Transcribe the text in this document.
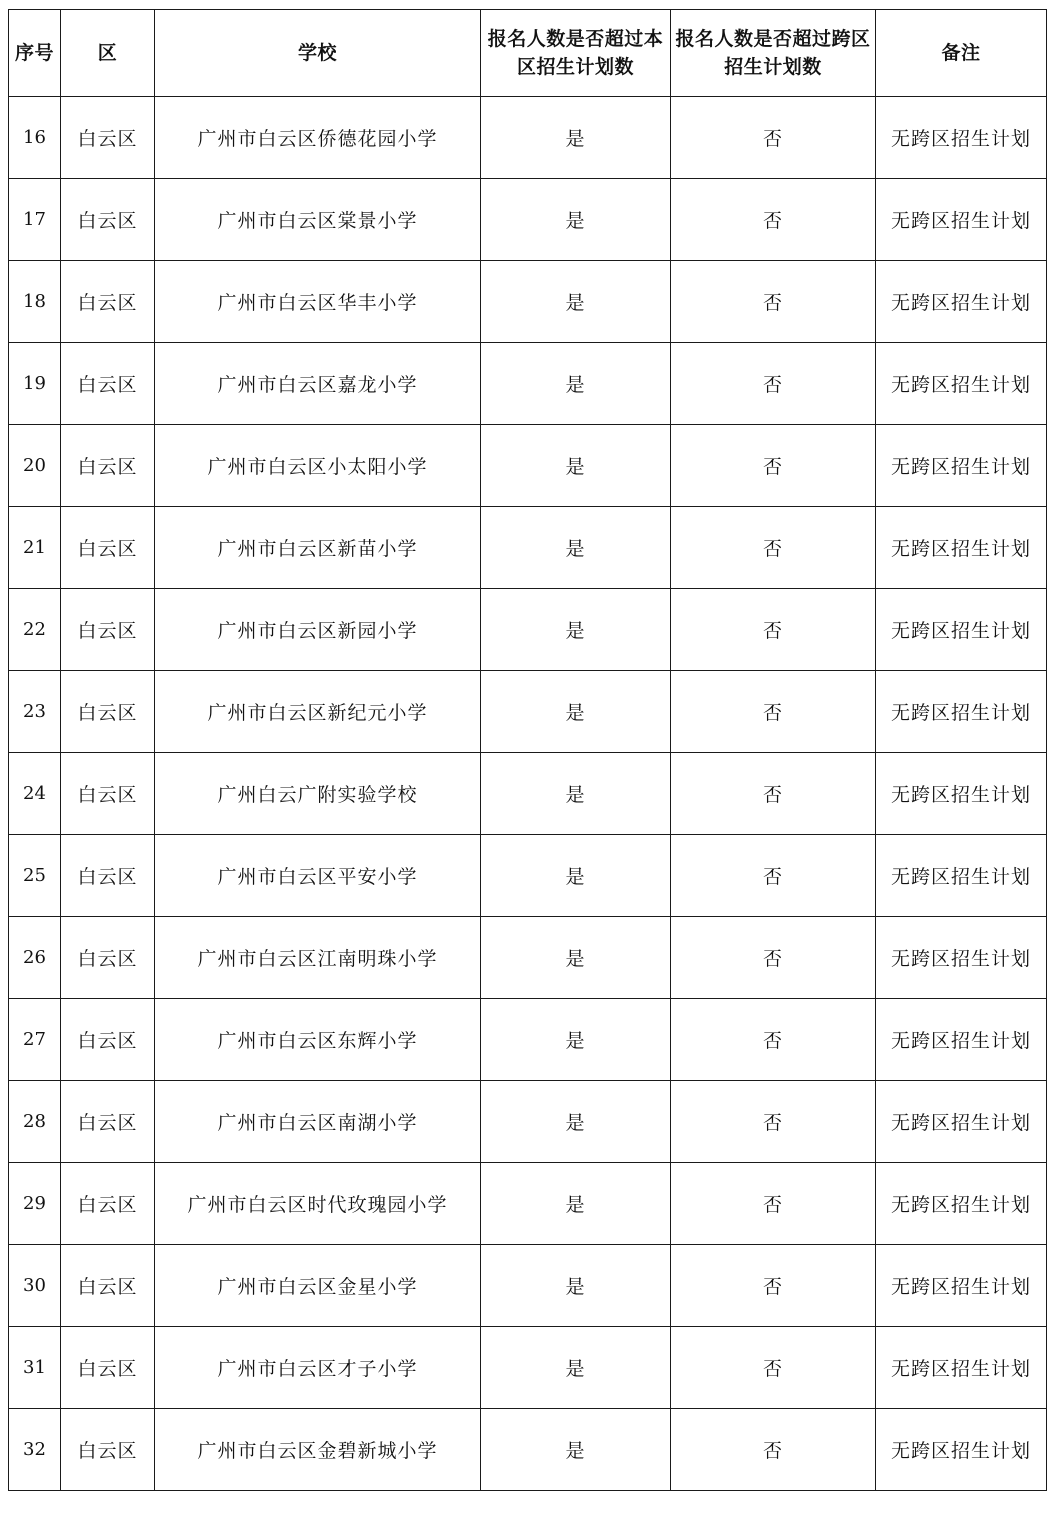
序号	区	学校	报名人数是否超过本区招生计划数	报名人数是否超过跨区招生计划数	备注
16	白云区	广州市白云区侨德花园小学	是	否	无跨区招生计划
17	白云区	广州市白云区棠景小学	是	否	无跨区招生计划
18	白云区	广州市白云区华丰小学	是	否	无跨区招生计划
19	白云区	广州市白云区嘉龙小学	是	否	无跨区招生计划
20	白云区	广州市白云区小太阳小学	是	否	无跨区招生计划
21	白云区	广州市白云区新苗小学	是	否	无跨区招生计划
22	白云区	广州市白云区新园小学	是	否	无跨区招生计划
23	白云区	广州市白云区新纪元小学	是	否	无跨区招生计划
24	白云区	广州白云广附实验学校	是	否	无跨区招生计划
25	白云区	广州市白云区平安小学	是	否	无跨区招生计划
26	白云区	广州市白云区江南明珠小学	是	否	无跨区招生计划
27	白云区	广州市白云区东辉小学	是	否	无跨区招生计划
28	白云区	广州市白云区南湖小学	是	否	无跨区招生计划
29	白云区	广州市白云区时代玫瑰园小学	是	否	无跨区招生计划
30	白云区	广州市白云区金星小学	是	否	无跨区招生计划
31	白云区	广州市白云区才子小学	是	否	无跨区招生计划
32	白云区	广州市白云区金碧新城小学	是	否	无跨区招生计划
